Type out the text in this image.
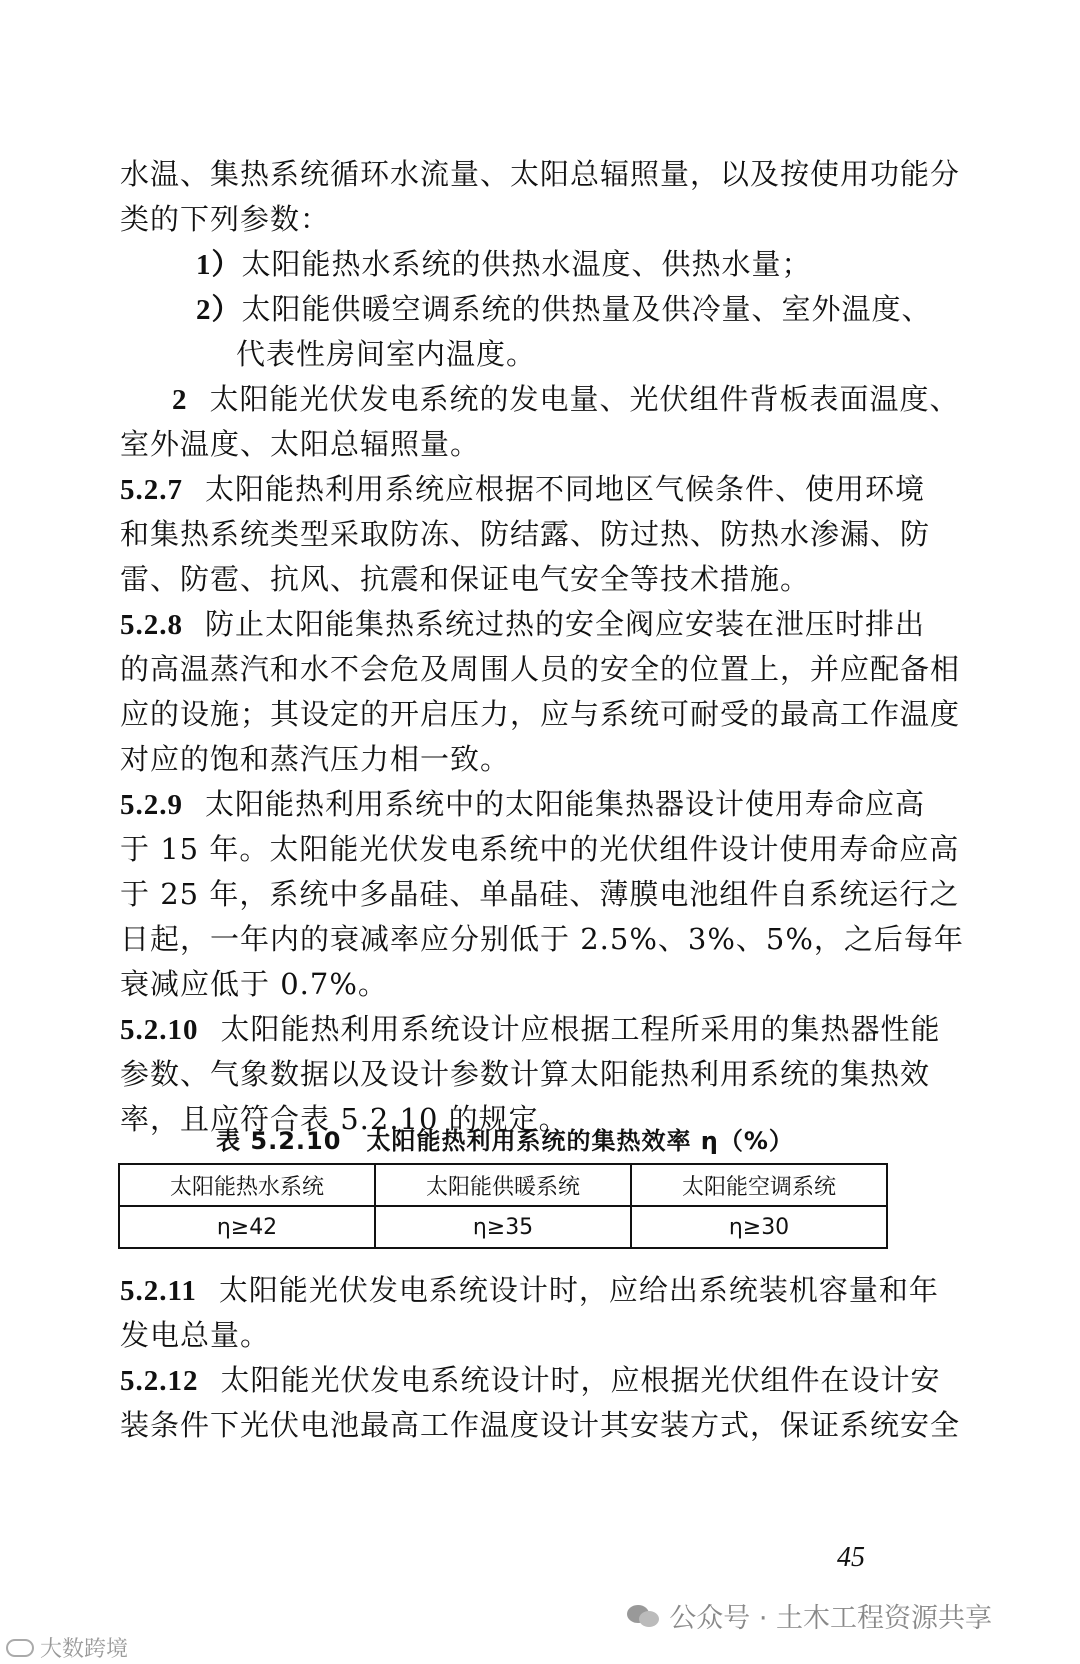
水温、集热系统循环水流量、太阳总辐照量，以及按使用功能分
类的下列参数：
1）太阳能热水系统的供热水温度、供热水量；
2）太阳能供暖空调系统的供热量及供冷量、室外温度、
代表性房间室内温度。
2 太阳能光伏发电系统的发电量、光伏组件背板表面温度、
室外温度、太阳总辐照量。
5.2.7 太阳能热利用系统应根据不同地区气候条件、使用环境
和集热系统类型采取防冻、防结露、防过热、防热水渗漏、防
雷、防雹、抗风、抗震和保证电气安全等技术措施。
5.2.8 防止太阳能集热系统过热的安全阀应安装在泄压时排出
的高温蒸汽和水不会危及周围人员的安全的位置上，并应配备相
应的设施；其设定的开启压力，应与系统可耐受的最高工作温度
对应的饱和蒸汽压力相一致。
5.2.9 太阳能热利用系统中的太阳能集热器设计使用寿命应高
于 15 年。太阳能光伏发电系统中的光伏组件设计使用寿命应高
于 25 年，系统中多晶硅、单晶硅、薄膜电池组件自系统运行之
日起，一年内的衰减率应分别低于 2.5%、3%、5%，之后每年
衰减应低于 0.7%。
5.2.10 太阳能热利用系统设计应根据工程所采用的集热器性能
参数、气象数据以及设计参数计算太阳能热利用系统的集热效
率，且应符合表 5.2.10 的规定。
表 5.2.10　太阳能热利用系统的集热效率 η（%）
太阳能热水系统	太阳能供暖系统	太阳能空调系统
η≥42	η≥35	η≥30
5.2.11 太阳能光伏发电系统设计时，应给出系统装机容量和年
发电总量。
5.2.12 太阳能光伏发电系统设计时，应根据光伏组件在设计安
装条件下光伏电池最高工作温度设计其安装方式，保证系统安全
45
公众号 · 土木工程资源共享
大数跨境
